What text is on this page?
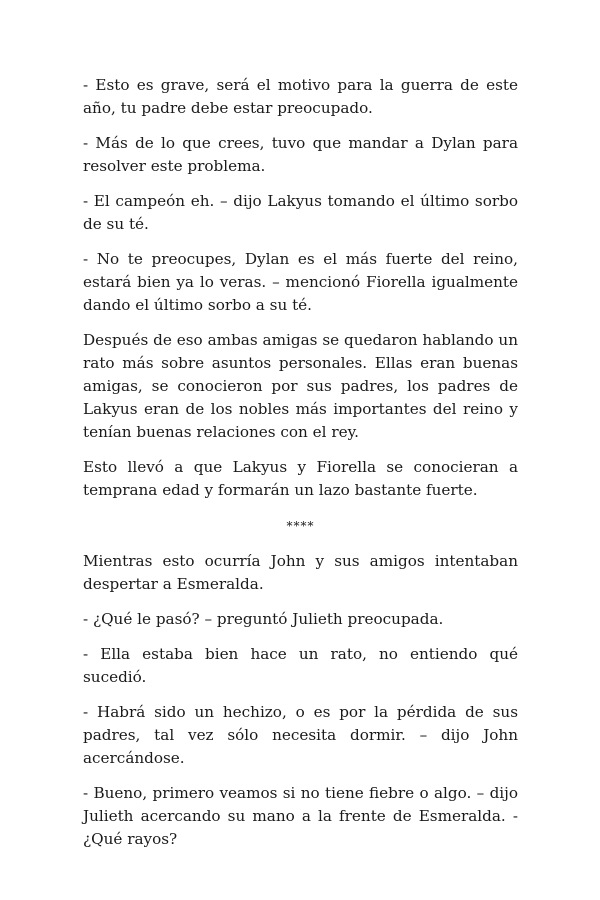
- Esto es grave, será el motivo para la guerra de este año, tu padre debe estar preocupado.

- Más de lo que crees, tuvo que mandar a Dylan para resolver este problema.

- El campeón eh. – dijo Lakyus tomando el último sorbo de su té.

- No te preocupes, Dylan es el más fuerte del reino, estará bien ya lo veras. – mencionó Fiorella igualmente dando el último sorbo a su té.

Después de eso ambas amigas se quedaron hablando un rato más sobre asuntos personales. Ellas eran buenas amigas, se conocieron por sus padres, los padres de Lakyus eran de los nobles más importantes del reino y tenían buenas relaciones con el rey.

Esto llevó a que Lakyus y Fiorella se conocieran a temprana edad y formarán un lazo bastante fuerte.

****

Mientras esto ocurría John y sus amigos intentaban despertar a Esmeralda.

- ¿Qué le pasó? – preguntó Julieth preocupada.

- Ella estaba bien hace un rato, no entiendo qué sucedió.

- Habrá sido un hechizo, o es por la pérdida de sus padres, tal vez sólo necesita dormir. – dijo John acercándose.

- Bueno, primero veamos si no tiene fiebre o algo. – dijo Julieth acercando su mano a la frente de Esmeralda. - ¿Qué rayos?
